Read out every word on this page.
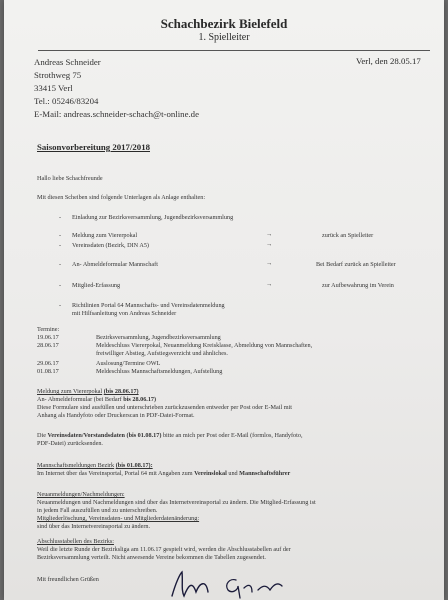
Schachbezirk Bielefeld
1. Spielleiter
Andreas Schneider
Strothweg 75
33415 Verl
Tel.: 05246/83204
E-Mail: andreas.schneider-schach@t-online.de
Verl, den 28.05.17
Saisonvorbereitung 2017/2018
Hallo liebe Schachfreunde
Mit diesen Scheiben sind folgende Unterlagen als Anlage enthalten:
- Einladung zur Bezirksversammlung, Jugendbezirksversammlung
- Meldung zum Viererpokal	→	zurück an Spielleiter
- Vereinsdaten (Bezirk, DIN A5)	→
- An- Abmeldeformular Mannschaft	→	Bei Bedarf zurück an Spielleiter
- Mitglied-Erfassung	→	zur Aufbewahrung im Verein
- Richtlinien Portal 64 Mannschafts- und Vereinsdatenmeldung
mit Hilfsanleitung von Andreas Schneider
Termine:
19.06.17	Bezirksversammlung, Jugendbezirksversammlung
28.06.17	Meldeschluss Viererpokal, Neuanmeldung Kreisklasse, Abmeldung von Mannschaften,
freiwilliger Abstieg, Aufstiegsverzicht und ähnliches.
29.06.17	Auslosung/Termine OWL
01.08.17	Meldeschluss Mannschaftsmeldungen, Aufstellung
Meldung zum Viererpokal (bis 28.06.17)
An- Abmeldeformular (bei Bedarf bis 28.06.17)
Diese Formulare sind ausfüllen und unterschrieben zurückzusenden entweder per Post oder E-Mail mit
Anhang als Handyfoto oder Druckerscan in PDF-Datei-Format.
Die Vereinsdaten/Vorstandsdaten (bis 01.08.17) bitte an mich per Post oder E-Mail (formlos, Handyfoto,
PDF-Datei) zurücksenden.
Mannschaftsmeldungen Bezirk (bis 01.08.17):
Im Internet über das Vereinsportal, Portal 64 mit Angaben zum Vereinslokal und Mannschaftsführer
Neuanmeldungen/Nachmeldungen:
Neuanmeldungen und Nachmeldungen sind über das Internetvereinsportal zu ändern. Die Mitglied-Erfassung ist
in jedem Fall auszufüllen und zu unterschreiben.
Mitgliederlöschung, Vereinsdaten- und Mitgliederdatenänderung:
sind über das Internetvereinsportal zu ändern.
Abschlusstabellen des Bezirks:
Weil die letzte Runde der Bezirksliga am 11.06.17 gespielt wird, werden die Abschlusstabellen auf der
Bezirksversammlung verteilt. Nicht anwesende Vereine bekommen die Tabellen zugesendet.
Mit freundlichen Grüßen
